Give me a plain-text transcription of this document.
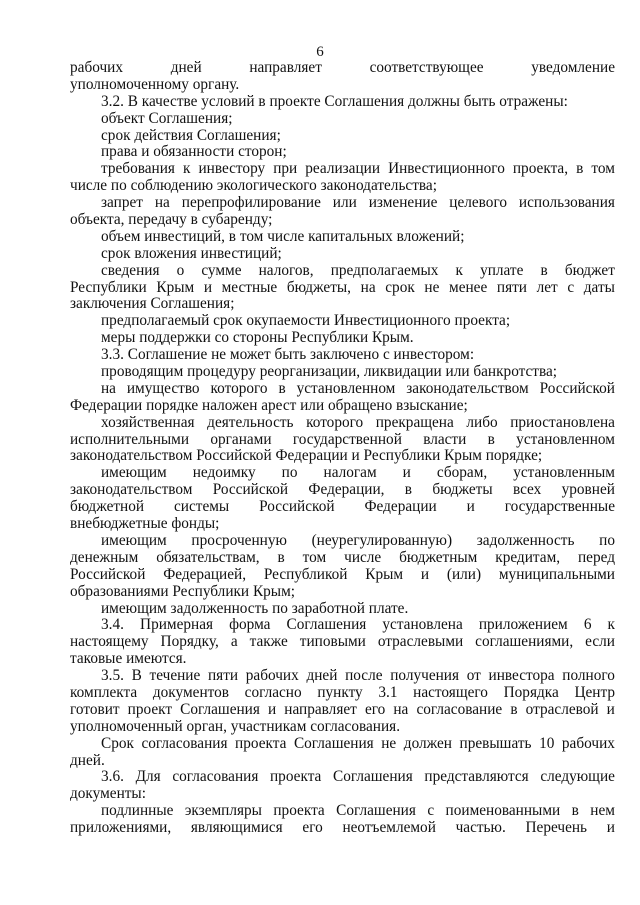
6
рабочих	дней	направляет	соответствующее	уведомление
уполномоченному органу.
3.2. В качестве условий в проекте Соглашения должны быть отражены:
объект Соглашения;
срок действия Соглашения;
права и обязанности сторон;
требования к инвестору при реализации Инвестиционного проекта, в том
числе по соблюдению экологического законодательства;
запрет на перепрофилирование или изменение целевого использования
объекта, передачу в субаренду;
объем инвестиций, в том числе капитальных вложений;
срок вложения инвестиций;
сведения о сумме налогов, предполагаемых к уплате в бюджет
Республики Крым и местные бюджеты, на срок не менее пяти лет с даты
заключения Соглашения;
предполагаемый срок окупаемости Инвестиционного проекта;
меры поддержки со стороны Республики Крым.
3.3. Соглашение не может быть заключено с инвестором:
проводящим процедуру реорганизации, ликвидации или банкротства;
на имущество которого в установленном законодательством Российской
Федерации порядке наложен арест или обращено взыскание;
хозяйственная деятельность которого прекращена либо приостановлена
исполнительными органами государственной власти в установленном
законодательством Российской Федерации и Республики Крым порядке;
имеющим недоимку по налогам и сборам, установленным
законодательством Российской Федерации, в бюджеты всех уровней
бюджетной системы Российской Федерации и государственные
внебюджетные фонды;
имеющим просроченную (неурегулированную) задолженность по
денежным обязательствам, в том числе бюджетным кредитам, перед
Российской Федерацией, Республикой Крым и (или) муниципальными
образованиями Республики Крым;
имеющим задолженность по заработной плате.
3.4. Примерная форма Соглашения установлена приложением 6 к
настоящему Порядку, а также типовыми отраслевыми соглашениями, если
таковые имеются.
3.5. В течение пяти рабочих дней после получения от инвестора полного
комплекта документов согласно пункту 3.1 настоящего Порядка Центр
готовит проект Соглашения и направляет его на согласование в отраслевой и
уполномоченный орган, участникам согласования.
Срок согласования проекта Соглашения не должен превышать 10 рабочих
дней.
3.6. Для согласования проекта Соглашения представляются следующие
документы:
подлинные экземпляры проекта Соглашения с поименованными в нем
приложениями, являющимися его неотъемлемой частью. Перечень и
